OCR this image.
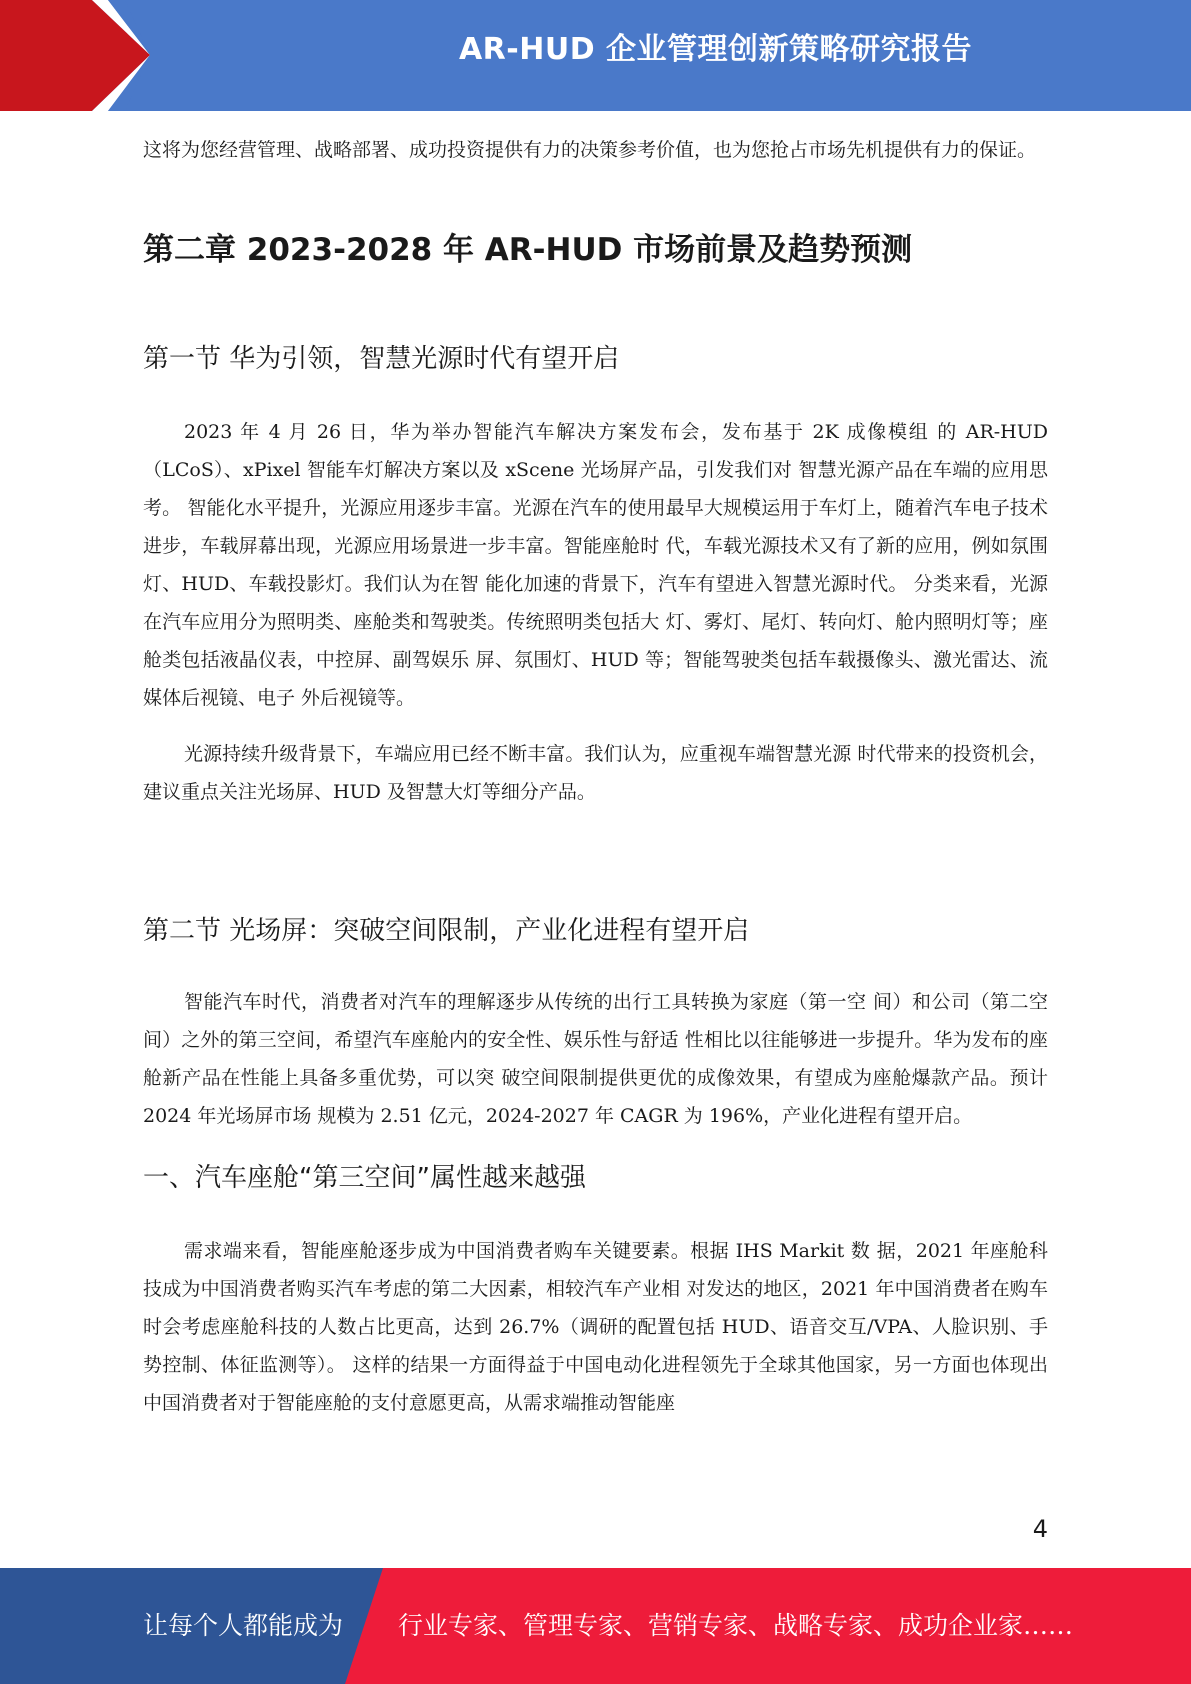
AR-HUD 企业管理创新策略研究报告

这将为您经营管理、战略部署、成功投资提供有力的决策参考价值，也为您抢占市场先机提供有力的保证。

第二章 2023-2028 年 AR-HUD 市场前景及趋势预测
第一节 华为引领，智慧光源时代有望开启

2023 年 4 月 26 日，华为举办智能汽车解决方案发布会，发布基于 2K 成像模组 的 AR-HUD（LCoS）、xPixel 智能车灯解决方案以及 xScene 光场屏产品，引发我们对 智慧光源产品在车端的应用思考。 智能化水平提升，光源应用逐步丰富。光源在汽车的使用最早大规模运用于车灯上，随着汽车电子技术进步，车载屏幕出现，光源应用场景进一步丰富。智能座舱时 代，车载光源技术又有了新的应用，例如氛围灯、HUD、车载投影灯。我们认为在智 能化加速的背景下，汽车有望进入智慧光源时代。 分类来看，光源在汽车应用分为照明类、座舱类和驾驶类。传统照明类包括大 灯、雾灯、尾灯、转向灯、舱内照明灯等；座舱类包括液晶仪表，中控屏、副驾娱乐 屏、氛围灯、HUD 等；智能驾驶类包括车载摄像头、激光雷达、流媒体后视镜、电子 外后视镜等。

光源持续升级背景下，车端应用已经不断丰富。我们认为，应重视车端智慧光源 时代带来的投资机会，建议重点关注光场屏、HUD 及智慧大灯等细分产品。

第二节 光场屏：突破空间限制，产业化进程有望开启

智能汽车时代，消费者对汽车的理解逐步从传统的出行工具转换为家庭（第一空 间）和公司（第二空间）之外的第三空间，希望汽车座舱内的安全性、娱乐性与舒适 性相比以往能够进一步提升。华为发布的座舱新产品在性能上具备多重优势，可以突 破空间限制提供更优的成像效果，有望成为座舱爆款产品。预计 2024 年光场屏市场 规模为 2.51 亿元，2024-2027 年 CAGR 为 196%，产业化进程有望开启。

一、汽车座舱“第三空间”属性越来越强

需求端来看，智能座舱逐步成为中国消费者购车关键要素。根据 IHS Markit 数 据，2021 年座舱科技成为中国消费者购买汽车考虑的第二大因素，相较汽车产业相 对发达的地区，2021 年中国消费者在购车时会考虑座舱科技的人数占比更高，达到 26.7%（调研的配置包括 HUD、语音交互/VPA、人脸识别、手势控制、体征监测等）。 这样的结果一方面得益于中国电动化进程领先于全球其他国家，另一方面也体现出 中国消费者对于智能座舱的支付意愿更高，从需求端推动智能座

4
让每个人都能成为 行业专家、管理专家、营销专家、战略专家、成功企业家……
